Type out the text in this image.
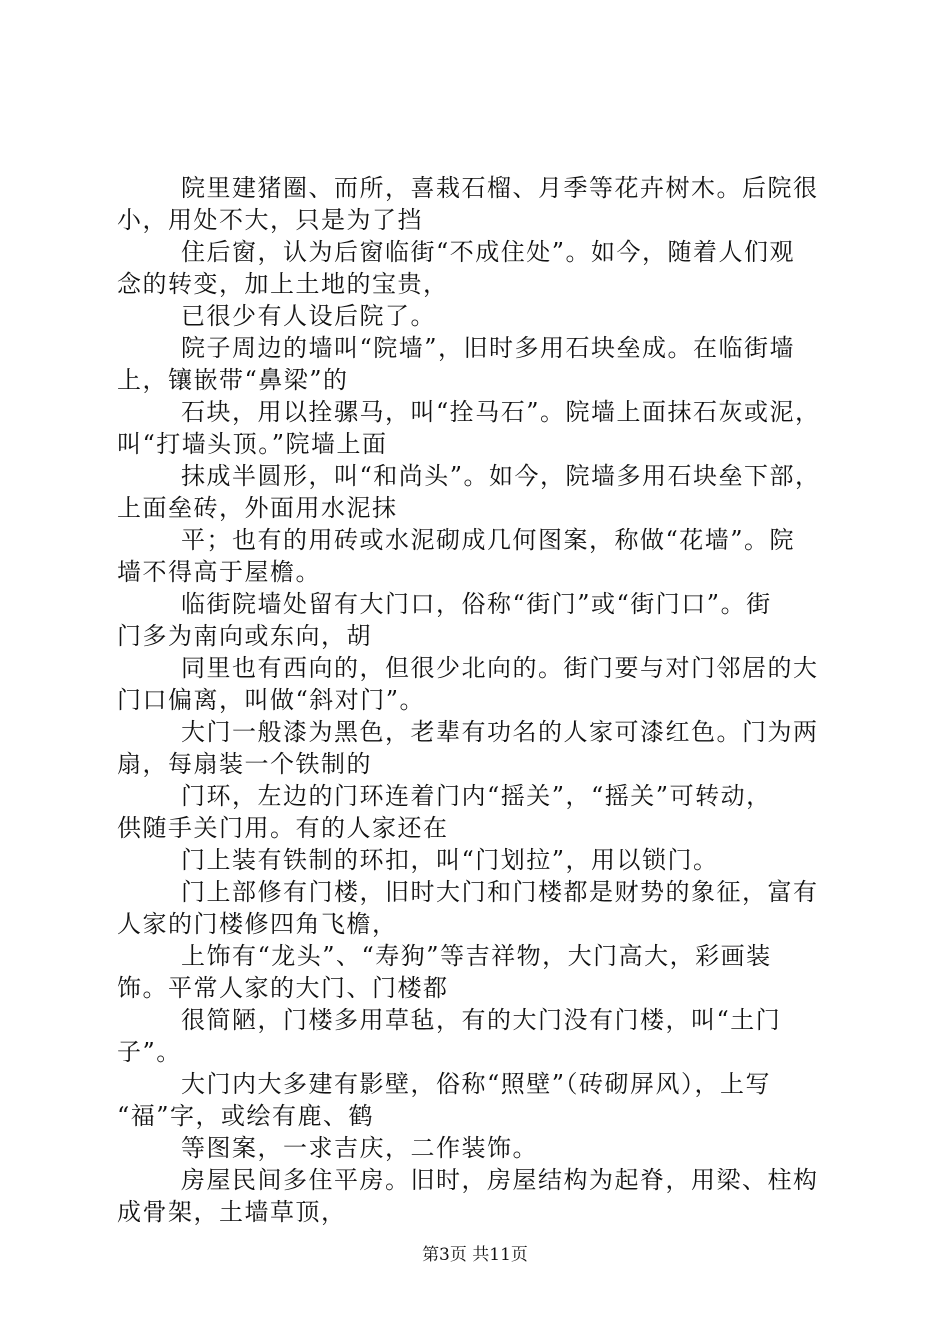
院里建猪圈、而所，喜栽石榴、月季等花卉树木。后院很
小，用处不大，只是为了挡
住后窗，认为后窗临街“不成住处”。如今，随着人们观
念的转变，加上土地的宝贵，
已很少有人设后院了。
院子周边的墙叫“院墙”，旧时多用石块垒成。在临街墙
上，镶嵌带“鼻梁”的
石块，用以拴骡马，叫“拴马石”。院墙上面抹石灰或泥，
叫“打墙头顶。”院墙上面
抹成半圆形，叫“和尚头”。如今，院墙多用石块垒下部，
上面垒砖，外面用水泥抹
平；也有的用砖或水泥砌成几何图案，称做“花墙”。院
墙不得高于屋檐。
临街院墙处留有大门口，俗称“街门”或“街门口”。街
门多为南向或东向，胡
同里也有西向的，但很少北向的。街门要与对门邻居的大
门口偏离，叫做“斜对门”。
大门一般漆为黑色，老辈有功名的人家可漆红色。门为两
扇，每扇装一个铁制的
门环，左边的门环连着门内“摇关”，“摇关”可转动，
供随手关门用。有的人家还在
门上装有铁制的环扣，叫“门划拉”，用以锁门。
门上部修有门楼，旧时大门和门楼都是财势的象征，富有
人家的门楼修四角飞檐，
上饰有“龙头”、“寿狗”等吉祥物，大门高大，彩画装
饰。平常人家的大门、门楼都
很简陋，门楼多用草毡，有的大门没有门楼，叫“土门
子”。
大门内大多建有影壁，俗称“照壁”（砖砌屏风），上写
“福”字，或绘有鹿、鹤
等图案，一求吉庆，二作装饰。
房屋民间多住平房。旧时，房屋结构为起脊，用梁、柱构
成骨架，土墙草顶，
第3页 共11页
